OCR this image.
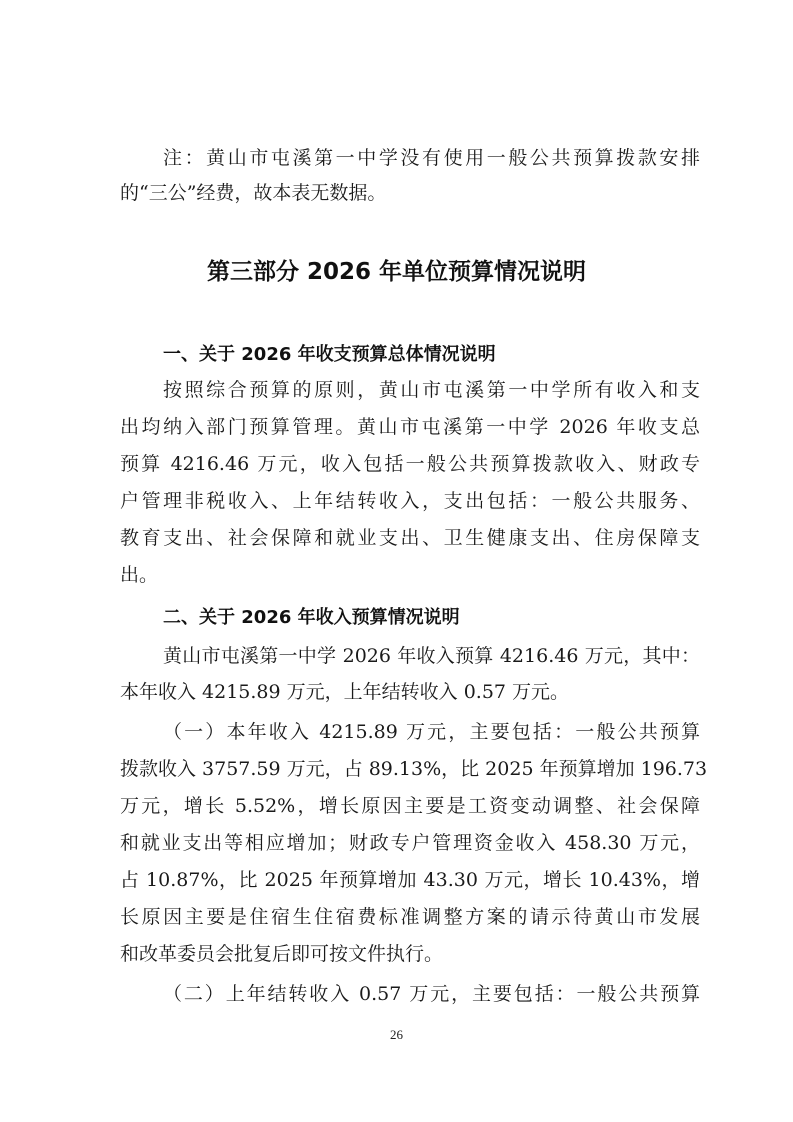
注：黄山市屯溪第一中学没有使用一般公共预算拨款安排

的“三公”经费，故本表无数据。

第三部分 2026 年单位预算情况说明
一、关于 2026 年收支预算总体情况说明

按照综合预算的原则，黄山市屯溪第一中学所有收入和支

出均纳入部门预算管理。黄山市屯溪第一中学 2026 年收支总

预算 4216.46 万元，收入包括一般公共预算拨款收入、财政专

户管理非税收入、上年结转收入，支出包括：一般公共服务、

教育支出、社会保障和就业支出、卫生健康支出、住房保障支

出。

二、关于 2026 年收入预算情况说明

黄山市屯溪第一中学 2026 年收入预算 4216.46 万元，其中：

本年收入 4215.89 万元，上年结转收入 0.57 万元。

（一）本年收入 4215.89 万元，主要包括：一般公共预算

拨款收入 3757.59 万元，占 89.13%，比 2025 年预算增加 196.73

万元，增长 5.52%，增长原因主要是工资变动调整、社会保障

和就业支出等相应增加；财政专户管理资金收入 458.30 万元，

占 10.87%，比 2025 年预算增加 43.30 万元，增长 10.43%，增

长原因主要是住宿生住宿费标准调整方案的请示待黄山市发展

和改革委员会批复后即可按文件执行。

（二）上年结转收入 0.57 万元，主要包括：一般公共预算

26
